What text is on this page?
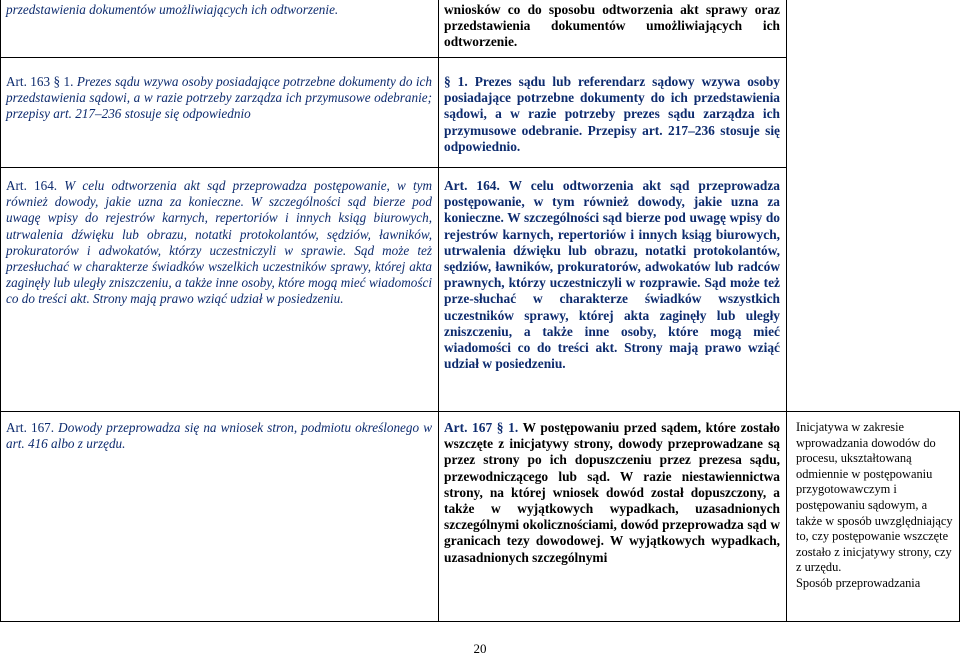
przedstawienia dokumentów umożliwiających ich odtworzenie.	wniosków co do sposobu odtworzenia akt sprawy oraz przedstawienia dokumentów umożliwiających ich odtworzenie.
Art. 163 § 1. Prezes sądu wzywa osoby posiadające potrzebne dokumenty do ich przedstawienia sądowi, a w razie potrzeby zarządza ich przymusowe odebranie; przepisy art. 217–236 stosuje się odpowiednio
§ 1. Prezes sądu lub referendarz sądowy wzywa osoby posiadające potrzebne dokumenty do ich przedstawienia sądowi, a w razie potrzeby prezes sądu zarządza ich przymusowe odebranie. Przepisy art. 217–236 stosuje się odpowiednio.
Art. 164. W celu odtworzenia akt sąd przeprowadza postępowanie, w tym również dowody, jakie uzna za konieczne. W szczególności sąd bierze pod uwagę wpisy do rejestrów karnych, repertoriów i innych ksiąg biurowych, utrwalenia dźwięku lub obrazu, notatki protokolantów, sędziów, ławników, prokuratorów i adwokatów, którzy uczestniczyli w sprawie. Sąd może też przesłuchać w charakterze świadków wszelkich uczestników sprawy, której akta zaginęły lub uległy zniszczeniu, a także inne osoby, które mogą mieć wiadomości co do treści akt. Strony mają prawo wziąć udział w posiedzeniu.
Art. 164. W celu odtworzenia akt sąd przeprowadza postępowanie, w tym również dowody, jakie uzna za konieczne. W szczególności sąd bierze pod uwagę wpisy do rejestrów karnych, repertoriów i innych ksiąg biurowych, utrwalenia dźwięku lub obrazu, notatki protokolantów, sędziów, ławników, prokuratorów, adwokatów lub radców prawnych, którzy uczestniczyli w rozprawie. Sąd może też prze-słuchać w charakterze świadków wszystkich uczestników sprawy, której akta zaginęły lub uległy zniszczeniu, a także inne osoby, które mogą mieć wiadomości co do treści akt. Strony mają prawo wziąć udział w posiedzeniu.
Art. 167. Dowody przeprowadza się na wniosek stron, podmiotu określonego w art. 416 albo z urzędu.
Art. 167 § 1. W postępowaniu przed sądem, które zostało wszczęte z inicjatywy strony, dowody przeprowadzane są przez strony po ich dopuszczeniu przez prezesa sądu, przewodniczącego lub sąd. W razie niestawiennictwa strony, na której wniosek dowód został dopuszczony, a także w wyjątkowych wypadkach, uzasadnionych szczególnymi okolicznościami, dowód przeprowadza sąd w granicach tezy dowodowej. W wyjątkowych wypadkach, uzasadnionych szczególnymi
Inicjatywa w zakresie wprowadzania dowodów do procesu, ukształtowaną odmiennie w postępowaniu przygotowawczym i postępowaniu sądowym, a także w sposób uwzględniający to, czy postępowanie wszczęte zostało z inicjatywy strony, czy z urzędu.
Sposób przeprowadzania
20
